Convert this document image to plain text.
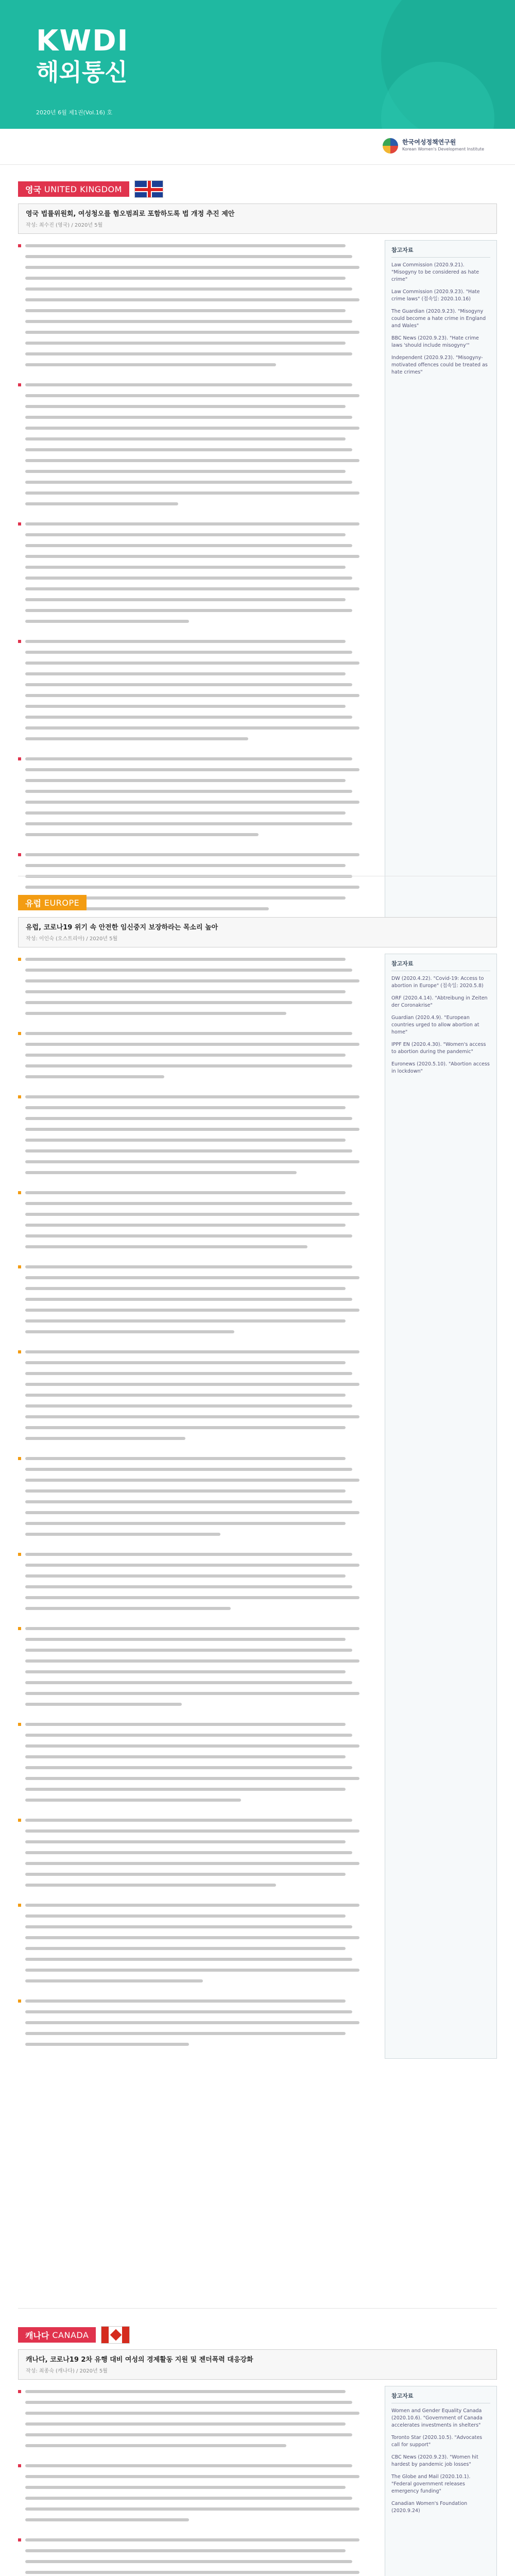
KWDI
해외통신
2020년 6월 제1권(Vol.16) 호
한국여성정책연구원
Korean Women's Development Institute
영국 UNITED KINGDOM
영국 법률위원회, 여성청오를 혐오범죄로 포함하도록 법 개정 추진 제안
작성: 최수진 (영국) / 2020년 5월
참고자료
Law Commission (2020.9.21). "Misogyny to be considered as hate crime"
Law Commission (2020.9.23). "Hate crime laws" (접속일: 2020.10.16)
The Guardian (2020.9.23). "Misogyny could become a hate crime in England and Wales"
BBC News (2020.9.23). "Hate crime laws 'should include misogyny'"
Independent (2020.9.23). "Misogyny-motivated offences could be treated as hate crimes"
유럽 EUROPE
유럽, 코로나19 위기 속 안전한 임신중지 보장하라는 목소리 높아
작성: 이인숙 (오스트리아) / 2020년 5월
참고자료
DW (2020.4.22). "Covid-19: Access to abortion in Europe" (접속일: 2020.5.8)
ORF (2020.4.14). "Abtreibung in Zeiten der Coronakrise"
Guardian (2020.4.9). "European countries urged to allow abortion at home"
IPPF EN (2020.4.30). "Women's access to abortion during the pandemic"
Euronews (2020.5.10). "Abortion access in lockdown"
캐나다 CANADA
캐나다, 코로나19 2차 유행 대비 여성의 경제활동 지원 및 젠더폭력 대응강화
작성: 최종숙 (캐나다) / 2020년 5월
참고자료
Women and Gender Equality Canada (2020.10.6). "Government of Canada accelerates investments in shelters"
Toronto Star (2020.10.5). "Advocates call for support"
CBC News (2020.9.23). "Women hit hardest by pandemic job losses"
The Globe and Mail (2020.10.1). "Federal government releases emergency funding"
Canadian Women's Foundation (2020.9.24)
